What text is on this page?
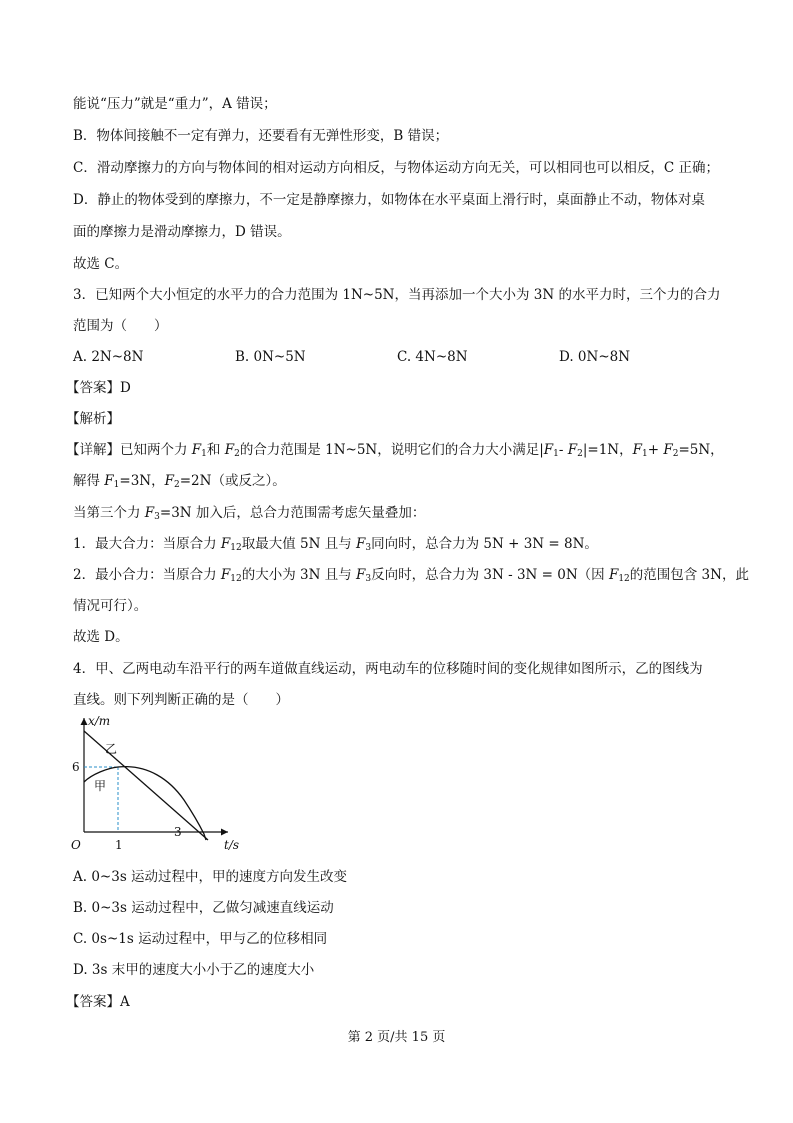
能说“压力”就是“重力”，A 错误；
B．物体间接触不一定有弹力，还要看有无弹性形变，B 错误；
C．滑动摩擦力的方向与物体间的相对运动方向相反，与物体运动方向无关，可以相同也可以相反，C 正确；
D．静止的物体受到的摩擦力，不一定是静摩擦力，如物体在水平桌面上滑行时，桌面静止不动，物体对桌
面的摩擦力是滑动摩擦力，D 错误。
故选 C。
3．已知两个大小恒定的水平力的合力范围为 1N~5N，当再添加一个大小为 3N 的水平力时，三个力的合力
范围为（　　）
A. 2N~8N	B. 0N~5N	C. 4N~8N	D. 0N~8N
【答案】D
【解析】
【详解】已知两个力 $F_1$和 $F_2$的合力范围是 1N~5N，说明它们的合力大小满足$|F_1-$ $F_2|=1N$，$F_1+ F_2=5N$，
解得 $F_1=3N$，$F_2=2N$（或反之）。
当第三个力 $F_3=3N$ 加入后，总合力范围需考虑矢量叠加：
1．最大合力：当原合力 $F_{12}$取最大值 5N 且与 $F_3$同向时，总合力为 5N + 3N = 8N。
2．最小合力：当原合力 $F_{12}$的大小为 3N 且与 $F_3$反向时，总合力为 3N - 3N = 0N（因 $F_{12}$的范围包含 3N，此
情况可行）。
故选 D。
4．甲、乙两电动车沿平行的两车道做直线运动，两电动车的位移随时间的变化规律如图所示，乙的图线为
直线。则下列判断正确的是（　　）
x/m
t/s
O
6
1
3
乙
甲
A. 0~3s 运动过程中，甲的速度方向发生改变
B. 0~3s 运动过程中，乙做匀减速直线运动
C. 0s~1s 运动过程中，甲与乙的位移相同
D. 3s 末甲的速度大小小于乙的速度大小
【答案】A
第 2 页/共 15 页
